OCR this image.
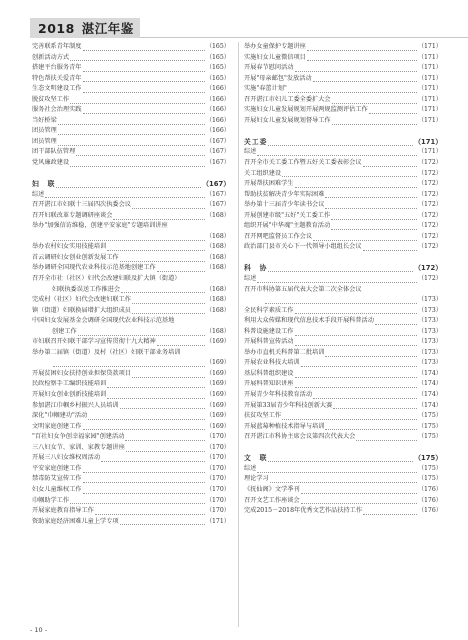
2018 湛江年鉴
完善联系青年制度	（165）
创新活动方式	（165）
搭建平台服务青年	（165）
特色帮扶关爱青年	（165）
生态文明建设工作	（166）
脱贫攻坚工作	（166）
服务社会治理实践	（166）
当好桥梁	（166）
团员管理	（166）
团员管理	（167）
团干部队伍管理	（167）
党风廉政建设	（167）
妇　联	（167）
综述	（167）
召开湛江市妇联十三届四次执委会议	（167）
召开妇联改革专题调研座谈会	（168）
举办"加强信访维稳，创建平安家庭"专题培训讲座
（168）
举办农村妇女实用技能培训	（168）
首云调研妇女创业创新发展工作	（168）
举办调研全国现代农业科技示范基地创建工作	（168）
召开全市社（社区）妇代会改建妇联及扩大镇（街道）
妇联执委误送工作推进会	（168）
完成村（社区）妇代会改建妇联工作	（168）
镇（街道）妇联换届增扩大组织成员	（168）
中国妇女发展基金会调研全国现代农业科技示范基地
创建工作	（168）
市妇联召开妇联干部学习宣传贯彻十九大精神	（169）
举办第二届镇（街道）及村（社区）妇联干部业务培训
（169）
开展贫困妇女扶持创业担保贷款项目	（169）
民政检察手工编织技能培训	（169）
开展妇女创业创新技能培训	（169）
参加湛江巾帼乡村振兴人员培训	（169）
深化"巾帼建功"活动	（169）
文明家庭创建工作	（169）
"百社妇女争创幸福家园"创建活动	（170）
三八妇女节、家训、家教专题讲座	（170）
开展三八妇女维权周活动	（170）
平安家庭创建工作	（170）
禁毒防艾宣传工作	（170）
妇女儿童维权工作	（170）
巾帼助学工作	（170）
开展家庭教育指导工作	（170）
资助家庭经济困难儿童上学专项	（171）
举办女童保护专题讲座	（171）
实施妇女儿童微信项目	（171）
开展春节慰问活动	（171）
开展"母亲邮包"发放活动	（171）
实施"春蕾计划"	（171）
召开湛江市妇儿工委全委扩大会	（171）
实施妇女儿童发展规划开展两规监测评估工作	（171）
开展妇女儿童发展规划督导工作	（171）
关工委	（171）
综述	（171）
召开全市关工委工作暨五好关工委表彰会议	（172）
关工组织建设	（172）
开展帮扶困难学生	（172）
帮助扶贫解决青少年实际困难	（172）
举办第十三届青少年读书会议	（172）
开展创建市级"五好"关工委工作	（172）
组织开展"中华魂"主题教育活动	（172）
召开网吧监督员工作会议	（172）
政治部门县市关心下一代领导小组组长会议	（172）
科　协	（172）
综述	（172）
召开市科协第五届代表大会第二次全体会议
（173）
全民科学素质工作	（173）
利用大众传媒和现代信息技术手段开展科普活动	（173）
科普设施建设工作	（173）
开展科普宣传活动	（173）
举办市直机关科普第二批培训	（173）
开展农业科技大培训	（173）
基层科普组织建设	（174）
开展科普知识讲座	（174）
开展青少年科技教育活动	（174）
开展第33届青少年科技创新大赛	（174）
扶贫攻坚工作	（175）
开展蓝莓种植技术指导与培训	（175）
召开湛江市科协主席会议第四次代表大会	（175）
文　联	（175）
综述	（175）
理论学习	（175）
《抚仙阁》文学季刊	（176）
召开文艺工作座谈会	（176）
完成2015－2018年优秀文艺作品扶持工作	（176）
- 10 -
